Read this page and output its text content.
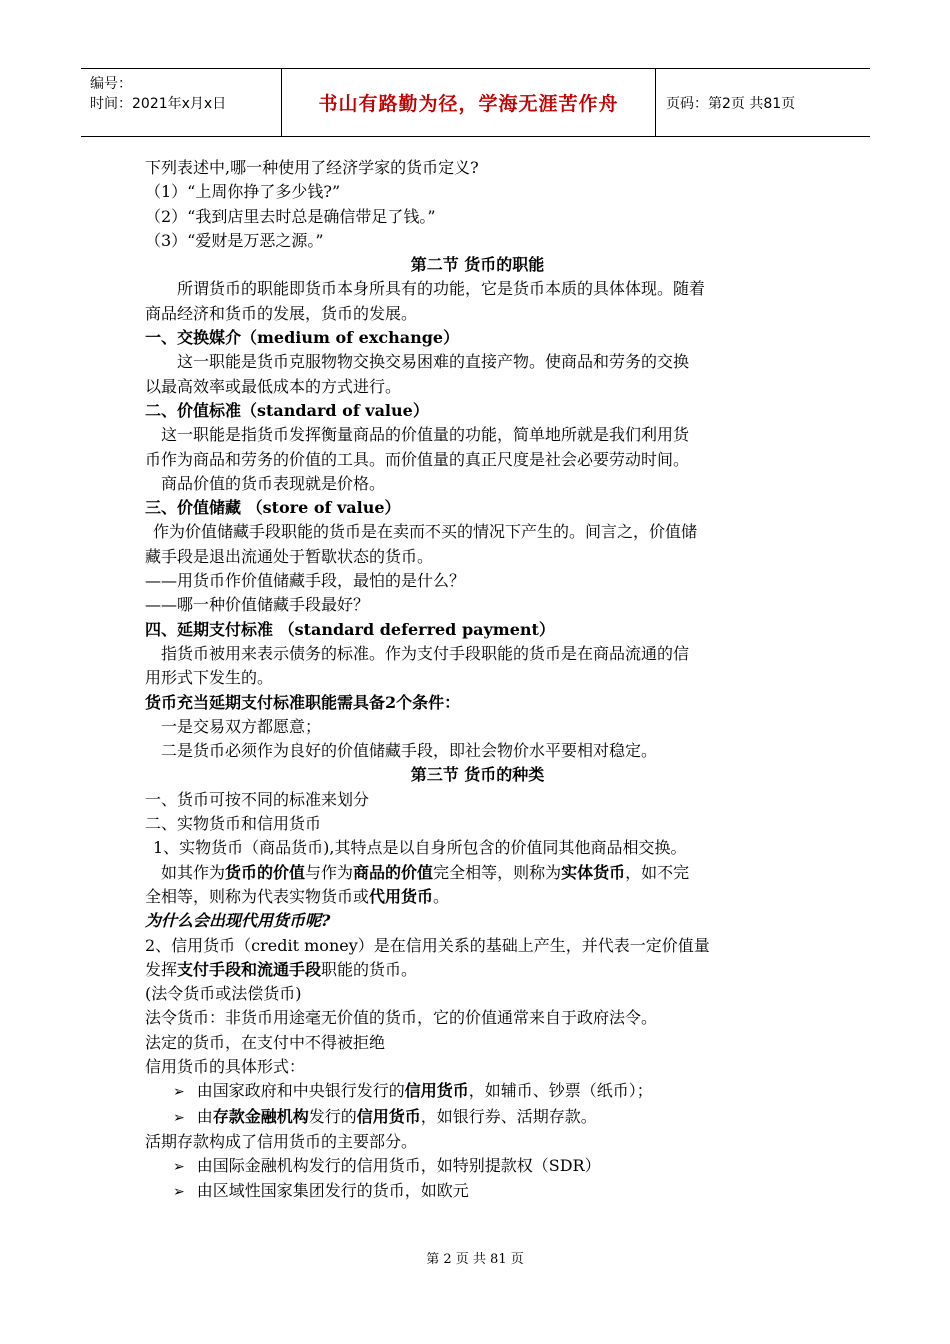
编号：
时间：2021年x月x日	书山有路勤为径，学海无涯苦作舟	页码：第2页 共81页

下列表述中,哪一种使用了经济学家的货币定义?

（1）“上周你挣了多少钱?”

（2）“我到店里去时总是确信带足了钱。”

（3）“爱财是万恶之源。”

第二节 货币的职能

所谓货币的职能即货币本身所具有的功能，它是货币本质的具体体现。随着

商品经济和货币的发展，货币的发展。

一、交换媒介（medium of exchange）

这一职能是货币克服物物交换交易困难的直接产物。使商品和劳务的交换

以最高效率或最低成本的方式进行。

二、价值标准（standard of value）

这一职能是指货币发挥衡量商品的价值量的功能，简单地所就是我们利用货

币作为商品和劳务的价值的工具。而价值量的真正尺度是社会必要劳动时间。

商品价值的货币表现就是价格。

三、价值储藏 （store of value）

作为价值储藏手段职能的货币是在卖而不买的情况下产生的。间言之，价值储

藏手段是退出流通处于暂歇状态的货币。

——用货币作价值储藏手段，最怕的是什么？

——哪一种价值储藏手段最好？

四、延期支付标准 （standard deferred payment）

指货币被用来表示债务的标准。作为支付手段职能的货币是在商品流通的信

用形式下发生的。

货币充当延期支付标准职能需具备2个条件：

一是交易双方都愿意；

二是货币必须作为良好的价值储藏手段，即社会物价水平要相对稳定。

第三节 货币的种类

一、货币可按不同的标准来划分

二、实物货币和信用货币

1、实物货币（商品货币),其特点是以自身所包含的价值同其他商品相交换。

如其作为货币的价值与作为商品的价值完全相等，则称为实体货币，如不完

全相等，则称为代表实物货币或代用货币。

为什么会出现代用货币呢?

2、信用货币（credit money）是在信用关系的基础上产生，并代表一定价值量

发挥支付手段和流通手段职能的货币。

(法令货币或法偿货币)

法令货币：非货币用途毫无价值的货币，它的价值通常来自于政府法令。

法定的货币，在支付中不得被拒绝

信用货币的具体形式：

➢ 由国家政府和中央银行发行的信用货币，如辅币、钞票（纸币）；

➢ 由存款金融机构发行的信用货币，如银行券、活期存款。

活期存款构成了信用货币的主要部分。

➢ 由国际金融机构发行的信用货币，如特别提款权（SDR）

➢ 由区域性国家集团发行的货币，如欧元

第 2 页 共 81 页
